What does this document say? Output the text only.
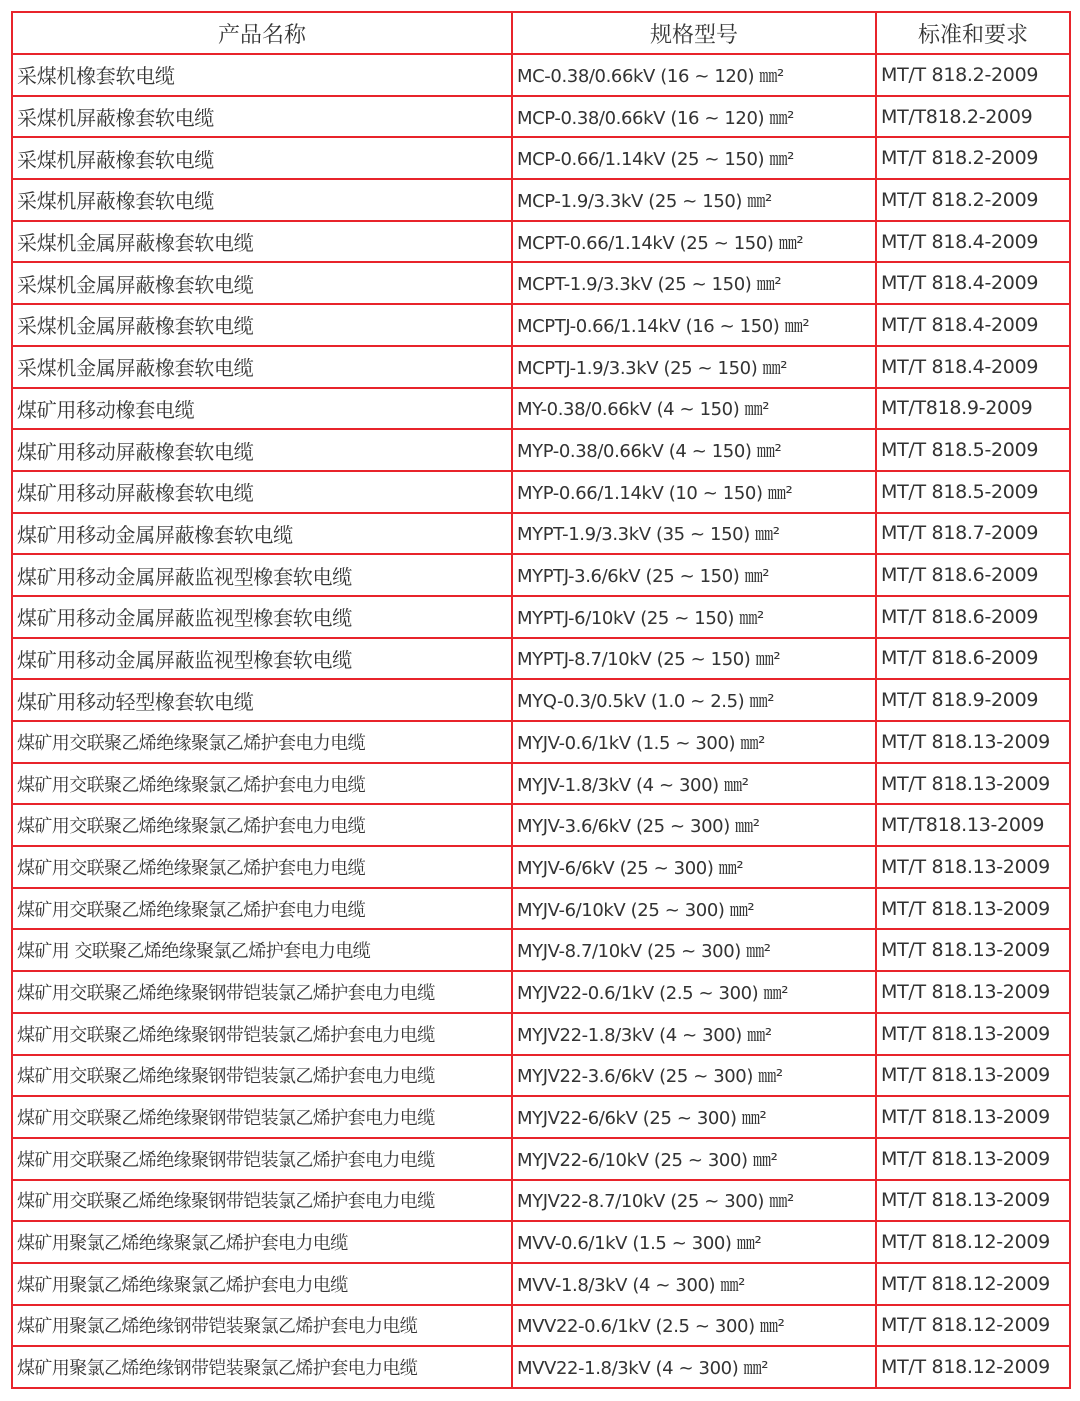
产品名称	规格型号	标准和要求
采煤机橡套软电缆	MC-0.38/0.66kV (16 ~ 120) ㎜²	MT/T 818.2-2009
采煤机屏蔽橡套软电缆	MCP-0.38/0.66kV (16 ~ 120) ㎜²	MT/T818.2-2009
采煤机屏蔽橡套软电缆	MCP-0.66/1.14kV (25 ~ 150) ㎜²	MT/T 818.2-2009
采煤机屏蔽橡套软电缆	MCP-1.9/3.3kV (25 ~ 150) ㎜²	MT/T 818.2-2009
采煤机金属屏蔽橡套软电缆	MCPT-0.66/1.14kV (25 ~ 150) ㎜²	MT/T 818.4-2009
采煤机金属屏蔽橡套软电缆	MCPT-1.9/3.3kV (25 ~ 150) ㎜²	MT/T 818.4-2009
采煤机金属屏蔽橡套软电缆	MCPTJ-0.66/1.14kV (16 ~ 150) ㎜²	MT/T 818.4-2009
采煤机金属屏蔽橡套软电缆	MCPTJ-1.9/3.3kV (25 ~ 150) ㎜²	MT/T 818.4-2009
煤矿用移动橡套电缆	MY-0.38/0.66kV (4 ~ 150) ㎜²	MT/T818.9-2009
煤矿用移动屏蔽橡套软电缆	MYP-0.38/0.66kV (4 ~ 150) ㎜²	MT/T 818.5-2009
煤矿用移动屏蔽橡套软电缆	MYP-0.66/1.14kV (10 ~ 150) ㎜²	MT/T 818.5-2009
煤矿用移动金属屏蔽橡套软电缆	MYPT-1.9/3.3kV (35 ~ 150) ㎜²	MT/T 818.7-2009
煤矿用移动金属屏蔽监视型橡套软电缆	MYPTJ-3.6/6kV (25 ~ 150) ㎜²	MT/T 818.6-2009
煤矿用移动金属屏蔽监视型橡套软电缆	MYPTJ-6/10kV (25 ~ 150) ㎜²	MT/T 818.6-2009
煤矿用移动金属屏蔽监视型橡套软电缆	MYPTJ-8.7/10kV (25 ~ 150) ㎜²	MT/T 818.6-2009
煤矿用移动轻型橡套软电缆	MYQ-0.3/0.5kV (1.0 ~ 2.5) ㎜²	MT/T 818.9-2009
煤矿用交联聚乙烯绝缘聚氯乙烯护套电力电缆	MYJV-0.6/1kV (1.5 ~ 300) ㎜²	MT/T 818.13-2009
煤矿用交联聚乙烯绝缘聚氯乙烯护套电力电缆	MYJV-1.8/3kV (4 ~ 300) ㎜²	MT/T 818.13-2009
煤矿用交联聚乙烯绝缘聚氯乙烯护套电力电缆	MYJV-3.6/6kV (25 ~ 300) ㎜²	MT/T818.13-2009
煤矿用交联聚乙烯绝缘聚氯乙烯护套电力电缆	MYJV-6/6kV (25 ~ 300) ㎜²	MT/T 818.13-2009
煤矿用交联聚乙烯绝缘聚氯乙烯护套电力电缆	MYJV-6/10kV (25 ~ 300) ㎜²	MT/T 818.13-2009
煤矿用 交联聚乙烯绝缘聚氯乙烯护套电力电缆	MYJV-8.7/10kV (25 ~ 300) ㎜²	MT/T 818.13-2009
煤矿用交联聚乙烯绝缘聚钢带铠装氯乙烯护套电力电缆	MYJV22-0.6/1kV (2.5 ~ 300) ㎜²	MT/T 818.13-2009
煤矿用交联聚乙烯绝缘聚钢带铠装氯乙烯护套电力电缆	MYJV22-1.8/3kV (4 ~ 300) ㎜²	MT/T 818.13-2009
煤矿用交联聚乙烯绝缘聚钢带铠装氯乙烯护套电力电缆	MYJV22-3.6/6kV (25 ~ 300) ㎜²	MT/T 818.13-2009
煤矿用交联聚乙烯绝缘聚钢带铠装氯乙烯护套电力电缆	MYJV22-6/6kV (25 ~ 300) ㎜²	MT/T 818.13-2009
煤矿用交联聚乙烯绝缘聚钢带铠装氯乙烯护套电力电缆	MYJV22-6/10kV (25 ~ 300) ㎜²	MT/T 818.13-2009
煤矿用交联聚乙烯绝缘聚钢带铠装氯乙烯护套电力电缆	MYJV22-8.7/10kV (25 ~ 300) ㎜²	MT/T 818.13-2009
煤矿用聚氯乙烯绝缘聚氯乙烯护套电力电缆	MVV-0.6/1kV (1.5 ~ 300) ㎜²	MT/T 818.12-2009
煤矿用聚氯乙烯绝缘聚氯乙烯护套电力电缆	MVV-1.8/3kV (4 ~ 300) ㎜²	MT/T 818.12-2009
煤矿用聚氯乙烯绝缘钢带铠装聚氯乙烯护套电力电缆	MVV22-0.6/1kV (2.5 ~ 300) ㎜²	MT/T 818.12-2009
煤矿用聚氯乙烯绝缘钢带铠装聚氯乙烯护套电力电缆	MVV22-1.8/3kV (4 ~ 300) ㎜²	MT/T 818.12-2009
